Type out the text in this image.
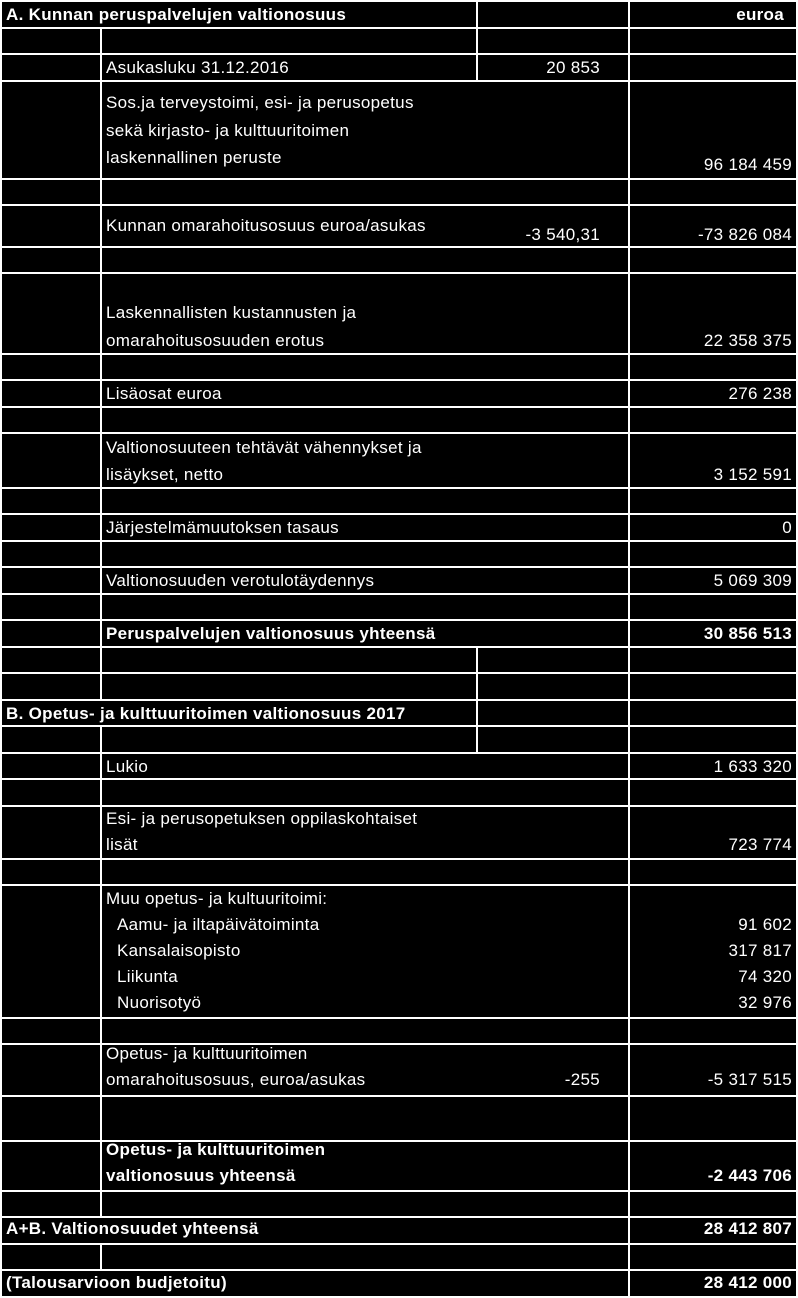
A. Kunnan peruspalvelujen valtionosuus	euroa
Asukasluku 31.12.2016	20 853
Sos.ja terveystoimi, esi- ja perusopetus
sekä kirjasto- ja kulttuuritoimen
laskennallinen peruste	96 184 459
Kunnan omarahoitusosuus euroa/asukas	-3 540,31	-73 826 084
Laskennallisten kustannusten ja
omarahoitusosuuden erotus	22 358 375
Lisäosat euroa	276 238
Valtionosuuteen tehtävät vähennykset ja
lisäykset, netto	3 152 591
Järjestelmämuutoksen tasaus	0
Valtionosuuden verotulotäydennys	5 069 309
Peruspalvelujen valtionosuus yhteensä	30 856 513
B. Opetus- ja kulttuuritoimen valtionosuus 2017
Lukio	1 633 320
Esi- ja perusopetuksen oppilaskohtaiset
lisät	723 774
Muu opetus- ja kultuuritoimi:
Aamu- ja iltapäivätoiminta	91 602
Kansalaisopisto	317 817
Liikunta	74 320
Nuorisotyö	32 976
Opetus- ja kulttuuritoimen
omarahoitusosuus, euroa/asukas	-255	-5 317 515
Opetus- ja kulttuuritoimen
valtionosuus yhteensä	-2 443 706
A+B. Valtionosuudet yhteensä	28 412 807
(Talousarvioon budjetoitu)	28 412 000
